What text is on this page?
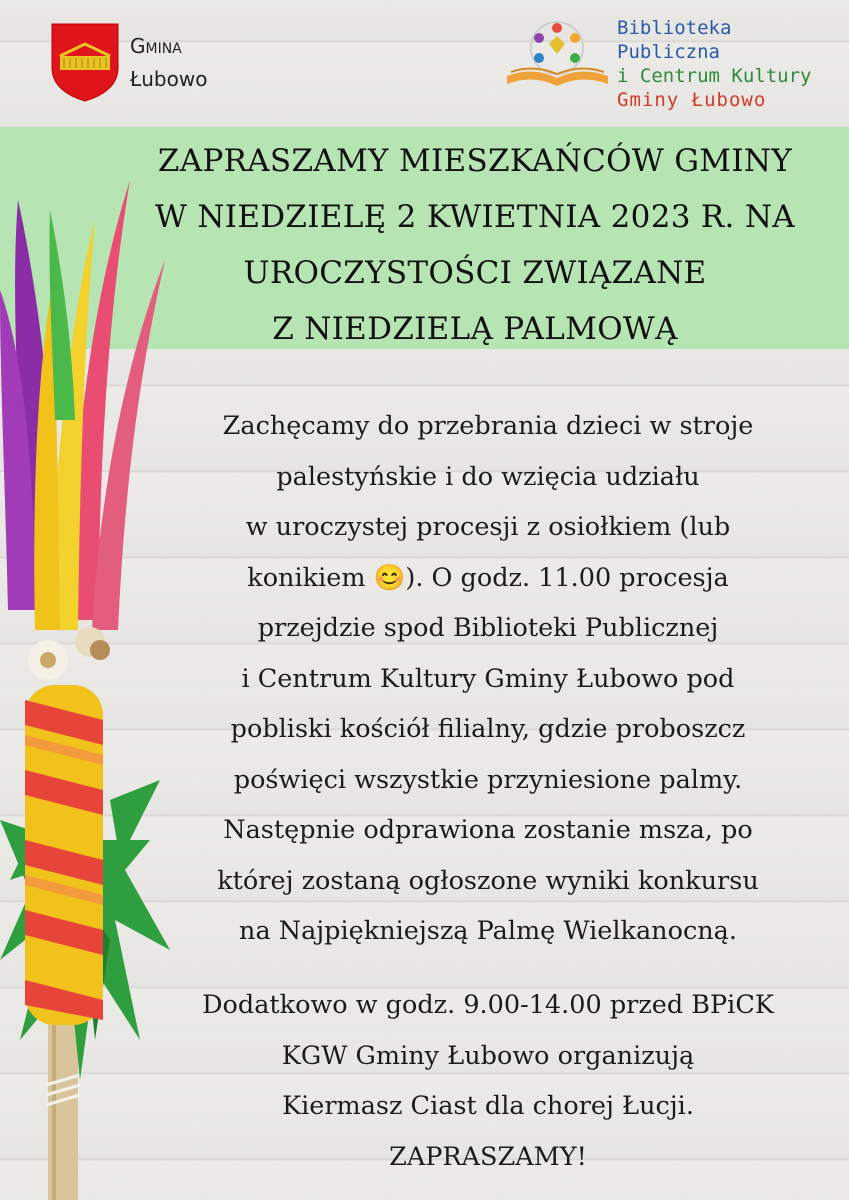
Gmina
Łubowo
Biblioteka Publiczna
i Centrum Kultury
Gminy Łubowo
ZAPRASZAMY MIESZKAŃCÓW GMINY
W NIEDZIELĘ 2 KWIETNIA 2023 R. NA
UROCZYSTOŚCI ZWIĄZANE
Z NIEDZIELĄ PALMOWĄ
Zachęcamy do przebrania dzieci w stroje
palestyńskie i do wzięcia udziału
w uroczystej procesji z osiołkiem (lub
konikiem 😊). O godz. 11.00 procesja
przejdzie spod Biblioteki Publicznej
i Centrum Kultury Gminy Łubowo pod
pobliski kościół filialny, gdzie proboszcz
poświęci wszystkie przyniesione palmy.
Następnie odprawiona zostanie msza, po
której zostaną ogłoszone wyniki konkursu
na Najpiękniejszą Palmę Wielkanocną.
Dodatkowo w godz. 9.00-14.00 przed BPiCK
KGW Gminy Łubowo organizują
Kiermasz Ciast dla chorej Łucji.
ZAPRASZAMY!
